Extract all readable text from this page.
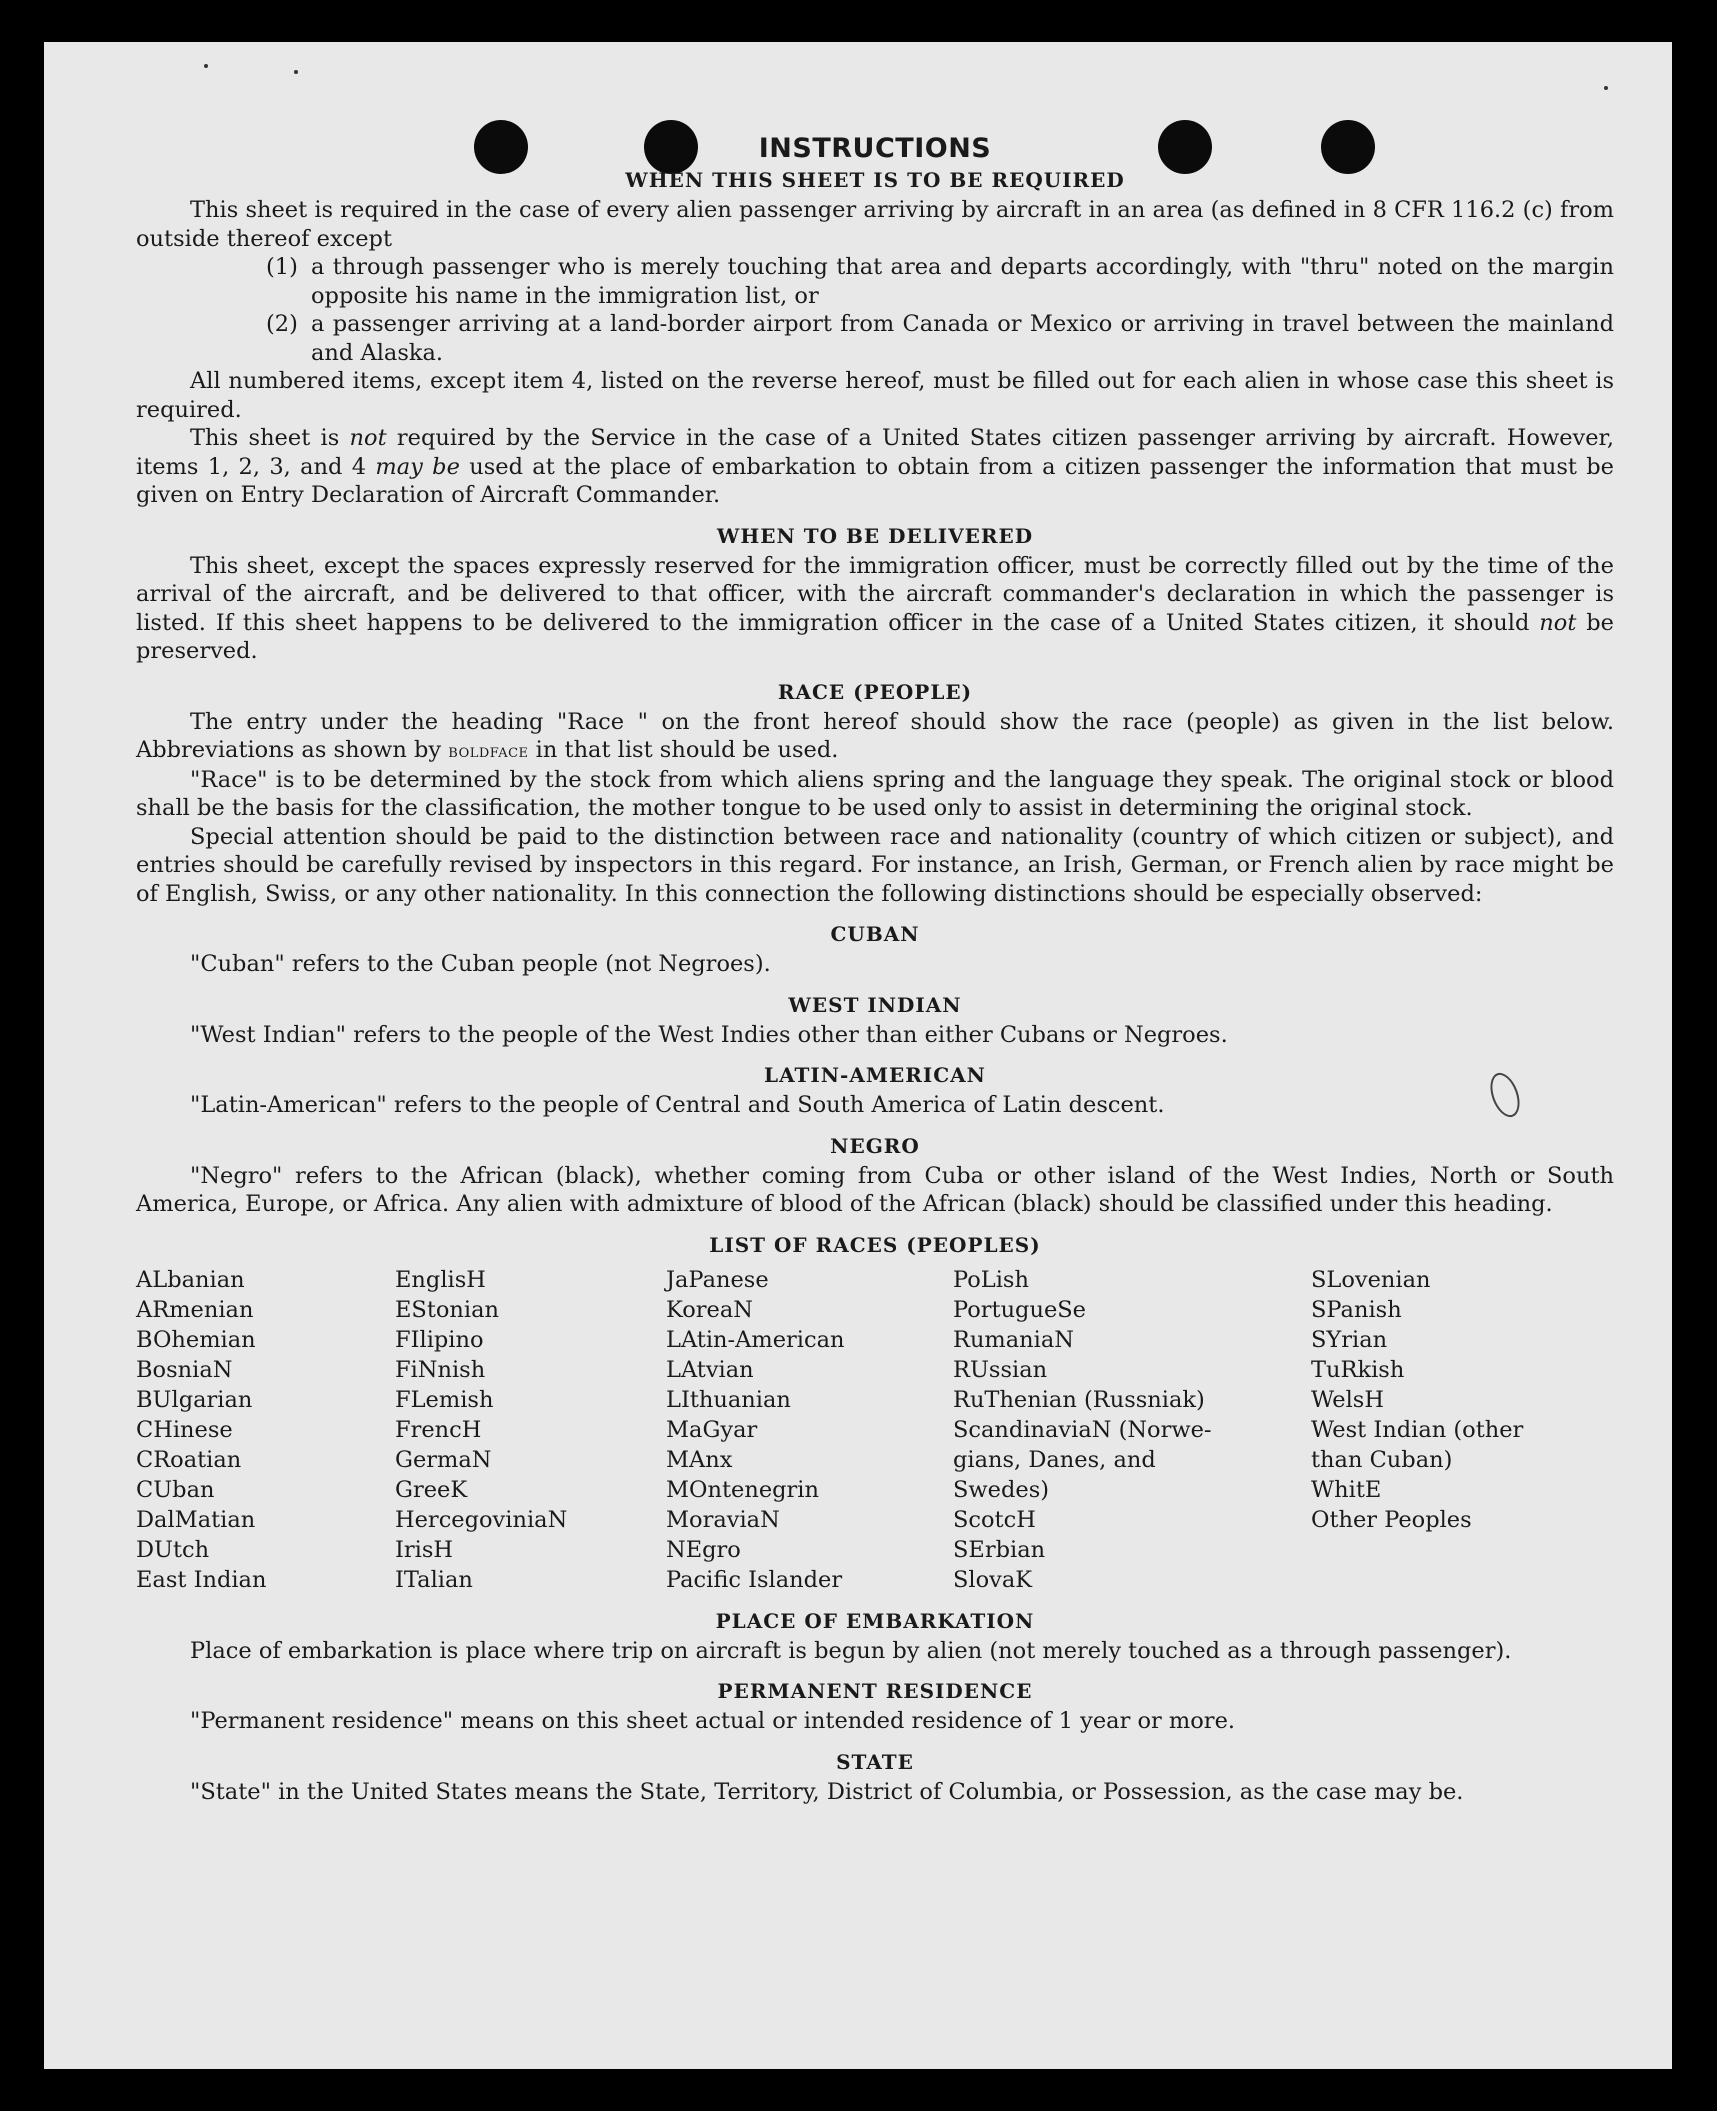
INSTRUCTIONS
WHEN THIS SHEET IS TO BE REQUIRED

This sheet is required in the case of every alien passenger arriving by aircraft in an area (as defined in 8 CFR 116.2 (c) from outside thereof except

(1) a through passenger who is merely touching that area and departs accordingly, with "thru" noted on the margin opposite his name in the immigration list, or
(2) a passenger arriving at a land-border airport from Canada or Mexico or arriving in travel between the mainland and Alaska.

All numbered items, except item 4, listed on the reverse hereof, must be filled out for each alien in whose case this sheet is required.

This sheet is not required by the Service in the case of a United States citizen passenger arriving by aircraft. However, items 1, 2, 3, and 4 may be used at the place of embarkation to obtain from a citizen passenger the information that must be given on Entry Declaration of Aircraft Commander.

WHEN TO BE DELIVERED

This sheet, except the spaces expressly reserved for the immigration officer, must be correctly filled out by the time of the arrival of the aircraft, and be delivered to that officer, with the aircraft commander's declaration in which the passenger is listed. If this sheet happens to be delivered to the immigration officer in the case of a United States citizen, it should not be preserved.

RACE (PEOPLE)

The entry under the heading "Race " on the front hereof should show the race (people) as given in the list below. Abbreviations as shown by boldface in that list should be used.

"Race" is to be determined by the stock from which aliens spring and the language they speak. The original stock or blood shall be the basis for the classification, the mother tongue to be used only to assist in determining the original stock.

Special attention should be paid to the distinction between race and nationality (country of which citizen or subject), and entries should be carefully revised by inspectors in this regard. For instance, an Irish, German, or French alien by race might be of English, Swiss, or any other nationality. In this connection the following distinctions should be especially observed:

CUBAN

"Cuban" refers to the Cuban people (not Negroes).

WEST INDIAN

"West Indian" refers to the people of the West Indies other than either Cubans or Negroes.

LATIN-AMERICAN

"Latin-American" refers to the people of Central and South America of Latin descent.

NEGRO

"Negro" refers to the African (black), whether coming from Cuba or other island of the West Indies, North or South America, Europe, or Africa. Any alien with admixture of blood of the African (black) should be classified under this heading.

LIST OF RACES (PEOPLES)
ALbanian
ARmenian
BOhemian
BosniaN
BUlgarian
CHinese
CRoatian
CUban
DalMatian
DUtch
East Indian
EnglisH
EStonian
FIlipino
FiNnish
FLemish
FrencH
GermaN
GreeK
HercegoviniaN
IrisH
ITalian
JaPanese
KoreaN
LAtin-American
LAtvian
LIthuanian
MaGyar
MAnx
MOntenegrin
MoraviaN
NEgro
Pacific Islander
PoLish
PortugueSe
RumaniaN
RUssian
RuThenian (Russniak)
ScandinaviaN (Norwe-
gians, Danes, and
Swedes)
ScotcH
SErbian
SlovaK
SLovenian
SPanish
SYrian
TuRkish
WelsH
West Indian (other
than Cuban)
WhitE
Other Peoples
PLACE OF EMBARKATION

Place of embarkation is place where trip on aircraft is begun by alien (not merely touched as a through passenger).

PERMANENT RESIDENCE

"Permanent residence" means on this sheet actual or intended residence of 1 year or more.

STATE

"State" in the United States means the State, Territory, District of Columbia, or Possession, as the case may be.
